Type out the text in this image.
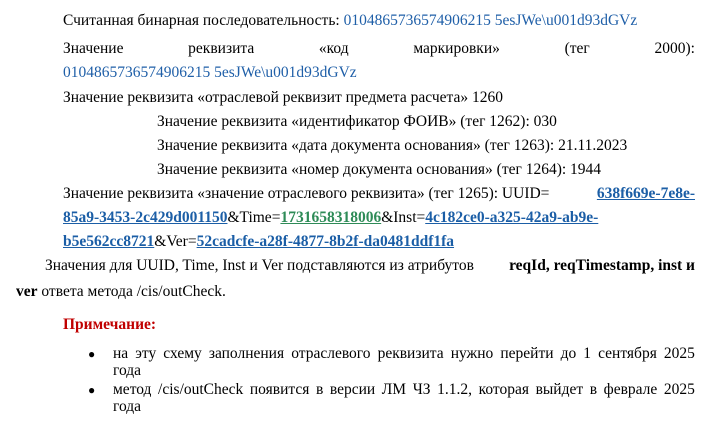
Считанная бинарная последовательность: 0104865736574906215 5esJWe\u001d93dGVz
Значение	реквизита	«код	маркировки»	(тег	2000):
0104865736574906215 5esJWe\u001d93dGVz
Значение реквизита «отраслевой реквизит предмета расчета» 1260
Значение реквизита «идентификатор ФОИВ» (тег 1262): 030
Значение реквизита «дата документа основания» (тег 1263): 21.11.2023
Значение реквизита «номер документа основания» (тег 1264): 1944
Значение реквизита «значение отраслевого реквизита» (тег 1265): UUID=	638f669e-7e8e-
85a9-3453-2c429d001150&Time=1731658318006&Inst=4c182ce0-a325-42a9-ab9e-
b5e562cc8721&Ver=52cadcfe-a28f-4877-8b2f-da0481ddf1fa
Значения для UUID, Time, Inst и Ver подставляются из атрибутов reqId , reqTimestamp , inst и
ver ответа метода /cis/outCheck.
Примечание:
● на эту схему заполнения отраслевого реквизита нужно перейти до 1 сентября 2025
года
● метод /cis/outCheck появится в версии ЛМ ЧЗ 1.1.2, которая выйдет в феврале 2025
года
